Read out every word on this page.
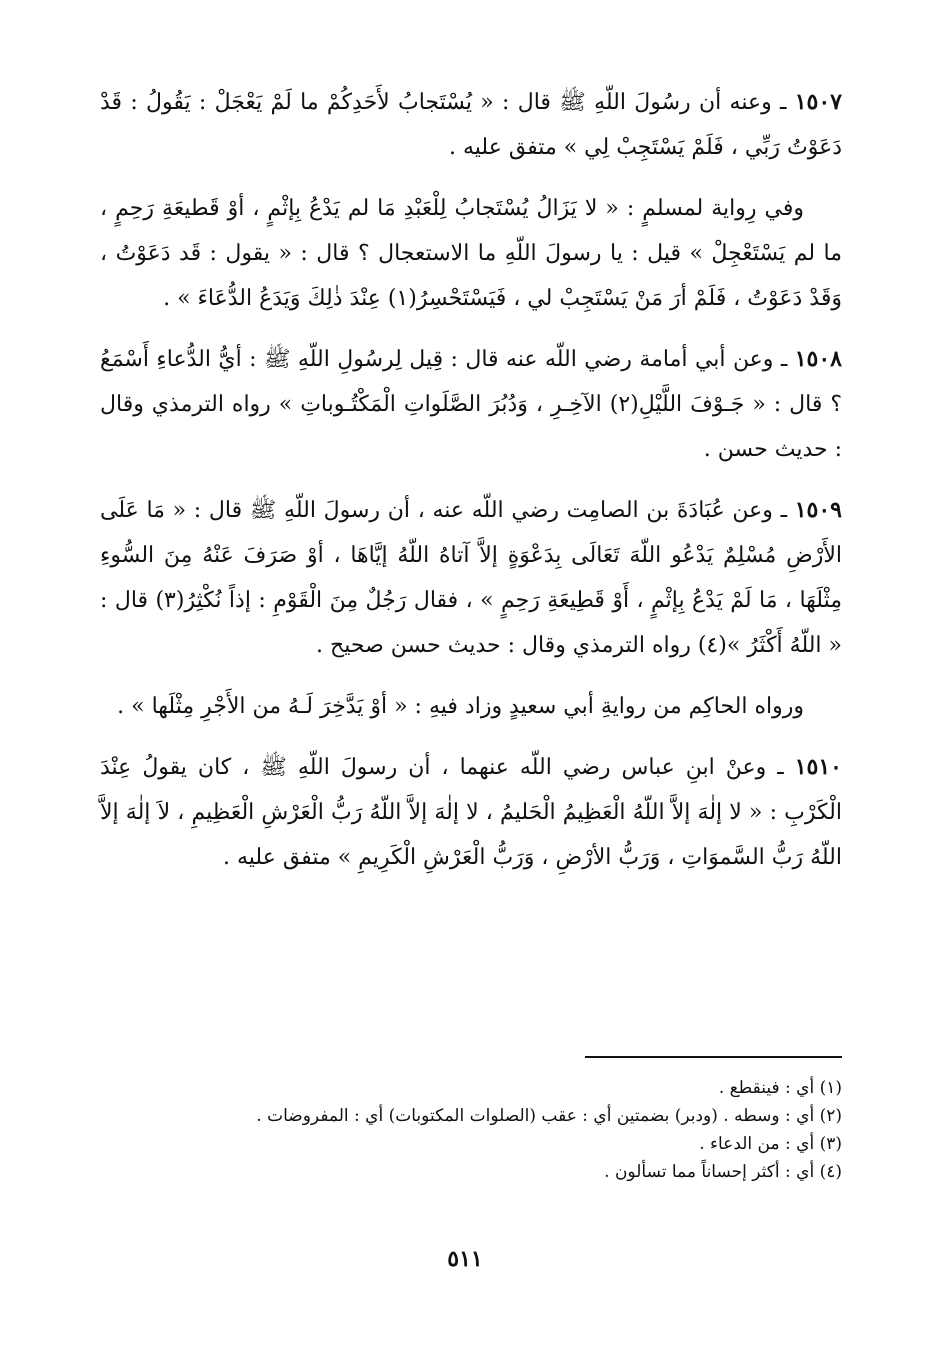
١٥٠٧ ـ وعنه أن رسُولَ اللّهِ ﷺ قال : « يُسْتَجابُ لأَحَدِكُمْ ما لَمْ يَعْجَلْ : يَقُولُ : قَدْ دَعَوْتُ رَبِّي ، فَلَمْ يَسْتَجِبْ لِي » متفق عليه .

وفي رِواية لمسلمٍ : « لا يَزَالُ يُسْتَجابُ لِلْعَبْدِ مَا لم يَدْعُ بِإثْمٍ ، أوْ قَطيعَةِ رَحِمٍ ، ما لم يَسْتَعْجِلْ » قيل : يا رسولَ اللّهِ ما الاستعجال ؟ قال : « يقول : قَد دَعَوْتُ ، وَقَدْ دَعَوْتُ ، فَلَمْ أرَ مَنْ يَسْتَجِبْ لي ، فَيَسْتَحْسِرُ(١) عِنْدَ ذٰلِكَ وَيَدَعُ الدُّعَاءَ » .

١٥٠٨ ـ وعن أبي أمامة رضي اللّه عنه قال : قِيل لِرسُولِ اللّهِ ﷺ : أيُّ الدُّعاءِ أَسْمَعُ ؟ قال : « جَـوْفَ اللَّيْلِ(٢) الآخِـرِ ، وَدُبُرَ الصَّلَواتِ الْمَكْتُـوباتِ » رواه الترمذي وقال : حديث حسن .

١٥٠٩ ـ وعن عُبَادَةَ بن الصامِت رضي اللّه عنه ، أن رسولَ اللّهِ ﷺ قال : « مَا عَلَى الأَرْضِ مُسْلِمٌ يَدْعُو اللّهَ تَعَالَى بِدَعْوَةٍ إلاَّ آتاهُ اللّهُ إيَّاهَا ، أوْ صَرَفَ عَنْهُ مِنَ السُّوءِ مِثْلَهَا ، مَا لَمْ يَدْعُ بِإثْمٍ ، أَوْ قَطِيعَةِ رَحِمٍ » ، فقال رَجُلٌ مِنَ الْقَوْمِ : إذاً نُكْثِرُ(٣) قال : « اللّهُ أَكْثَرُ »(٤) رواه الترمذي وقال : حديث حسن صحيح .

ورواه الحاكِم من روايةِ أبي سعيدٍ وزاد فيهِ : « أوْ يَدَّخِرَ لَـهُ من الأَجْرِ مِثْلَها » .

١٥١٠ ـ وعنْ ابنِ عباس رضي اللّه عنهما ، أن رسولَ اللّهِ ﷺ ، كان يقولُ عِنْدَ الْكَرْبِ : « لا إلٰهَ إلاَّ اللّهُ الْعَظِيمُ الْحَليمُ ، لا إلٰهَ إلاَّ اللّهُ رَبُّ الْعَرْشِ الْعَظِيمِ ، لاَ إلٰهَ إلاَّ اللّهُ رَبُّ السَّموَاتِ ، وَرَبُّ الأرْضِ ، وَرَبُّ الْعَرْشِ الْكَرِيمِ » متفق عليه .

(١) أي : فينقطع .

(٢) أي : وسطه . (ودبر) بضمتين أي : عقب (الصلوات المكتوبات) أي : المفروضات .

(٣) أي : من الدعاء .

(٤) أي : أكثر إحساناً مما تسألون .

٥١١
